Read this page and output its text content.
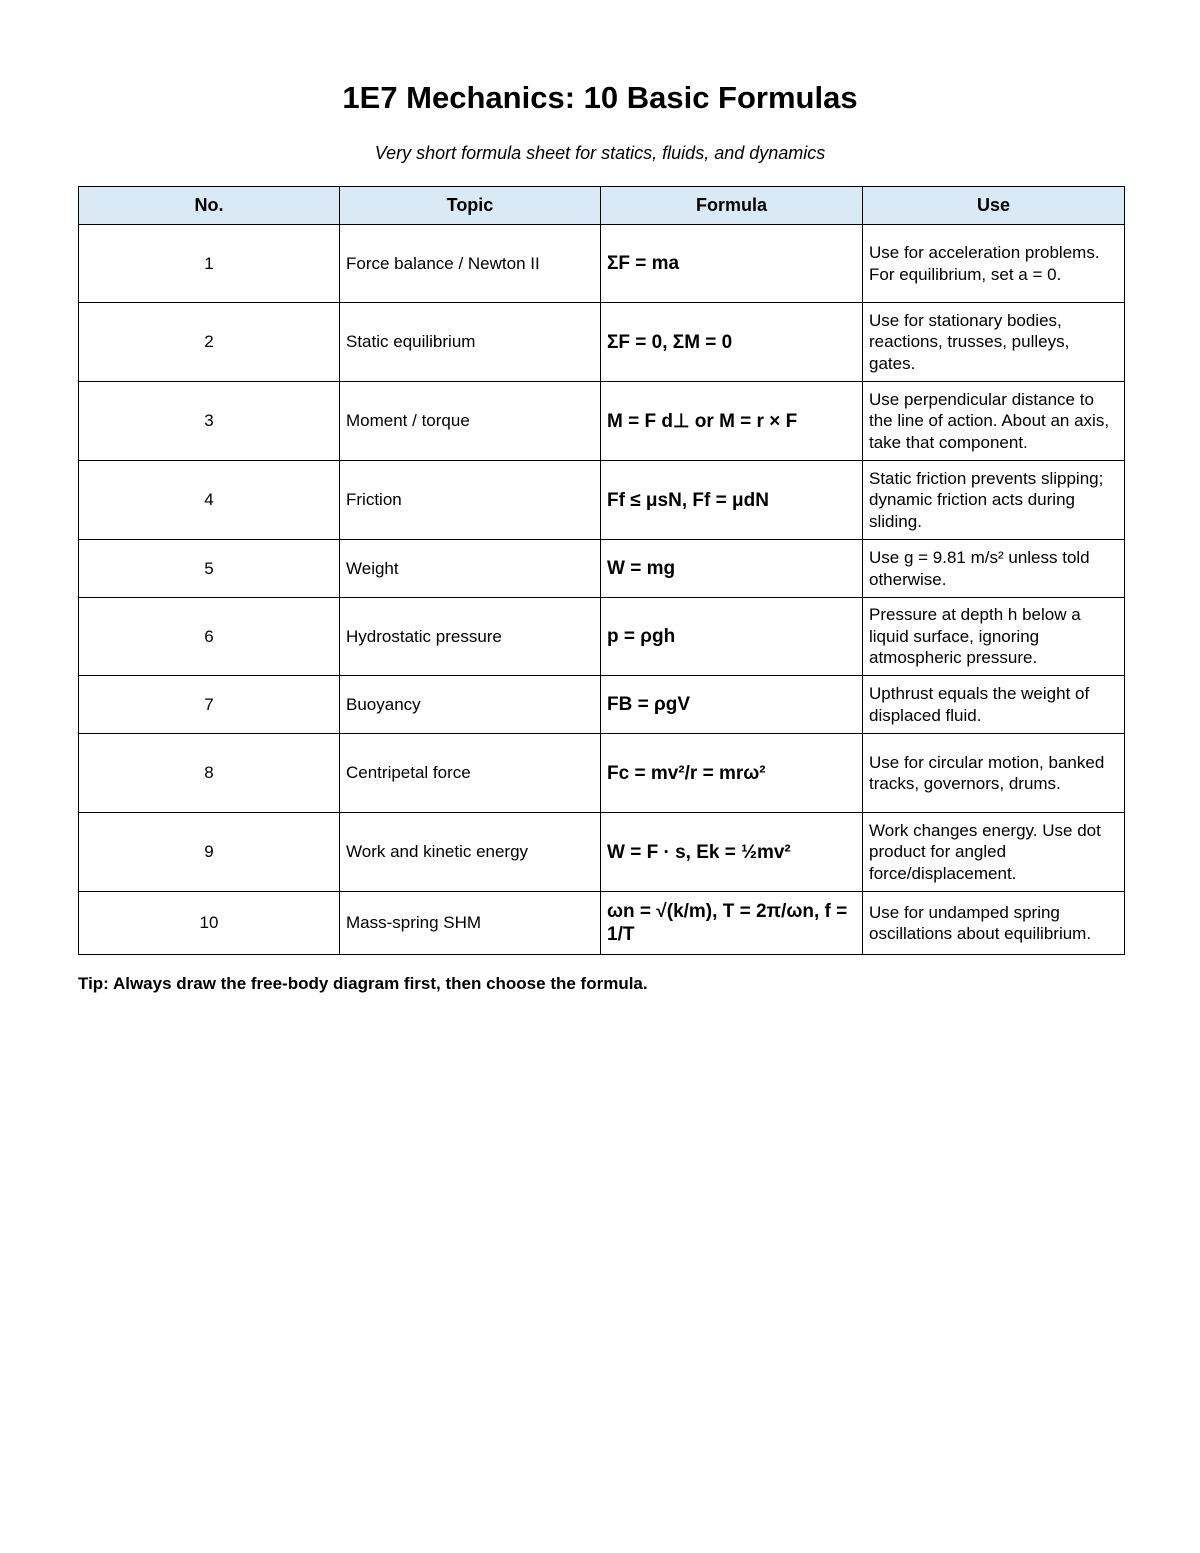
1E7 Mechanics: 10 Basic Formulas

Very short formula sheet for statics, fluids, and dynamics

No.	Topic	Formula	Use
1	Force balance / Newton II	ΣF = ma	Use for acceleration problems. For equilibrium, set a = 0.
2	Static equilibrium	ΣF = 0, ΣM = 0	Use for stationary bodies, reactions, trusses, pulleys, gates.
3	Moment / torque	M = F d⊥ or M = r × F	Use perpendicular distance to the line of action. About an axis, take that component.
4	Friction	Ff ≤ μsN, Ff = μdN	Static friction prevents slipping; dynamic friction acts during sliding.
5	Weight	W = mg	Use g = 9.81 m/s² unless told otherwise.
6	Hydrostatic pressure	p = ρgh	Pressure at depth h below a liquid surface, ignoring atmospheric pressure.
7	Buoyancy	FB = ρgV	Upthrust equals the weight of displaced fluid.
8	Centripetal force	Fc = mv²/r = mrω²	Use for circular motion, banked tracks, governors, drums.
9	Work and kinetic energy	W = F · s, Ek = ½mv²	Work changes energy. Use dot product for angled force/displacement.
10	Mass-spring SHM	ωn = √(k/m), T = 2π/ωn, f = 1/T	Use for undamped spring oscillations about equilibrium.

Tip: Always draw the free-body diagram first, then choose the formula.
